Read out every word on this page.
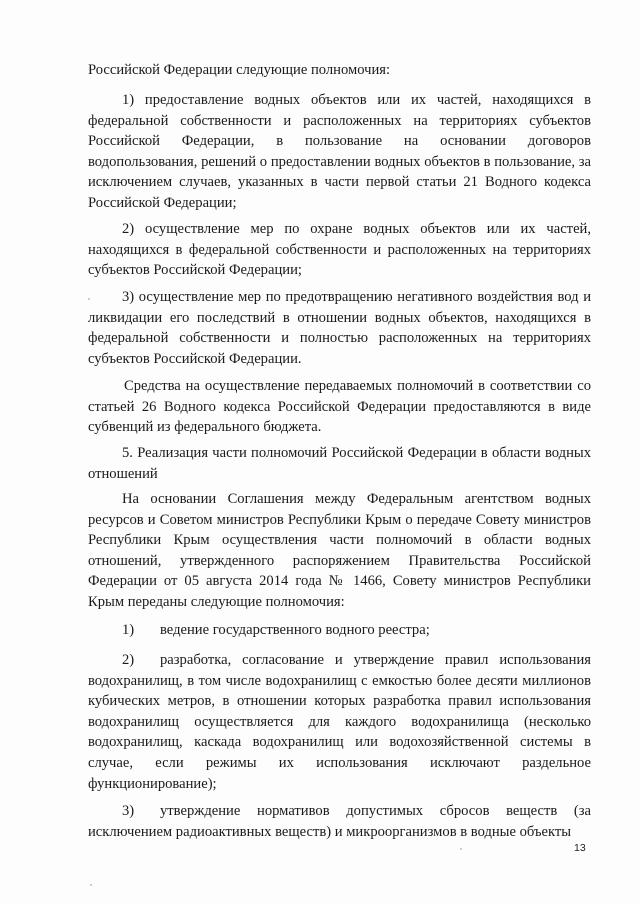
Российской Федерации следующие полномочия:

1) предоставление водных объектов или их частей, находящихся в федеральной собственности и расположенных на территориях субъектов Российской Федерации, в пользование на основании договоров водопользования, решений о предоставлении водных объектов в пользование, за исключением случаев, указанных в части первой статьи 21 Водного кодекса Российской Федерации;

2) осуществление мер по охране водных объектов или их частей, находящихся в федеральной собственности и расположенных на территориях субъектов Российской Федерации;

3) осуществление мер по предотвращению негативного воздействия вод и ликвидации его последствий в отношении водных объектов, находящихся в федеральной собственности и полностью расположенных на территориях субъектов Российской Федерации.

Средства на осуществление передаваемых полномочий в соответствии со статьей 26 Водного кодекса Российской Федерации предоставляются в виде субвенций из федерального бюджета.

5. Реализация части полномочий Российской Федерации в области водных отношений

На основании Соглашения между Федеральным агентством водных ресурсов и Советом министров Республики Крым о передаче Совету министров Республики Крым осуществления части полномочий в области водных отношений, утвержденного распоряжением Правительства Российской Федерации от 05 августа 2014 года № 1466, Совету министров Республики Крым переданы следующие полномочия:

1) ведение государственного водного реестра;

2) разработка, согласование и утверждение правил использования водохранилищ, в том числе водохранилищ с емкостью более десяти миллионов кубических метров, в отношении которых разработка правил использования водохранилищ осуществляется для каждого водохранилища (несколько водохранилищ, каскада водохранилищ или водохозяйственной системы в случае, если режимы их использования исключают раздельное функционирование);

3) утверждение нормативов допустимых сбросов веществ (за исключением радиоактивных веществ) и микроорганизмов в водные объекты

13
